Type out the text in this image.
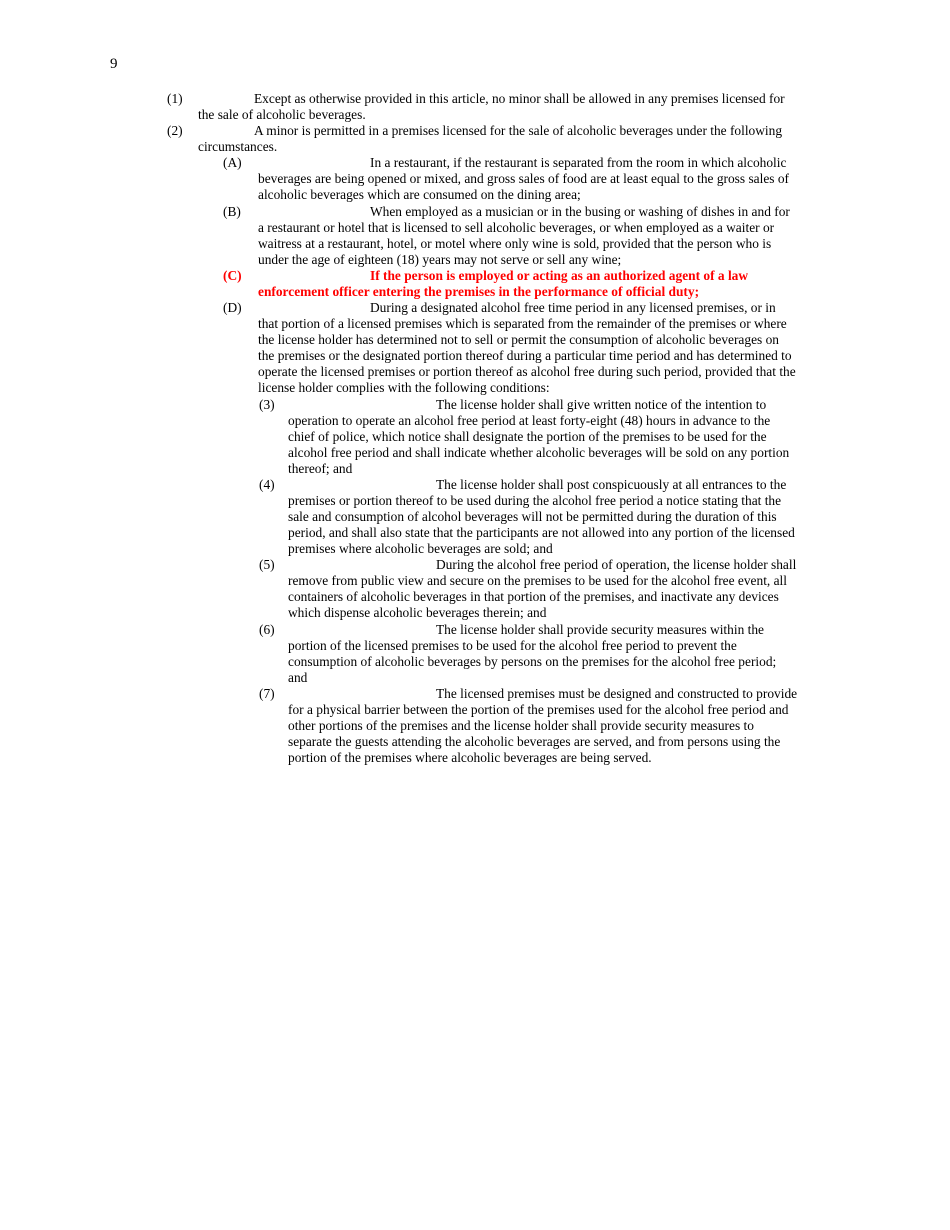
9
(1)	Except as otherwise provided in this article, no minor shall be allowed in any premises licensed for the sale of alcoholic beverages.
(2)	A minor is permitted in a premises licensed for the sale of alcoholic beverages under the following circumstances.
(A)	In a restaurant, if the restaurant is separated from the room in which alcoholic beverages are being opened or mixed, and gross sales of food are at least equal to the gross sales of alcoholic beverages which are consumed on the dining area;
(B)	When employed as a musician or in the busing or washing of dishes in and for a restaurant or hotel that is licensed to sell alcoholic beverages, or when employed as a waiter or waitress at a restaurant, hotel, or motel where only wine is sold, provided that the person who is under the age of eighteen (18) years may not serve or sell any wine;
(C)	If the person is employed or acting as an authorized agent of a law enforcement officer entering the premises in the performance of official duty;
(D)	During a designated alcohol free time period in any licensed premises, or in that portion of a licensed premises which is separated from the remainder of the premises or where the license holder has determined not to sell or permit the consumption of alcoholic beverages on the premises or the designated portion thereof during a particular time period and has determined to operate the licensed premises or portion thereof as alcohol free during such period, provided that the license holder complies with the following conditions:
(3)	The license holder shall give written notice of the intention to operation to operate an alcohol free period at least forty-eight (48) hours in advance to the chief of police, which notice shall designate the portion of the premises to be used for the alcohol free period and shall indicate whether alcoholic beverages will be sold on any portion thereof; and
(4)	The license holder shall post conspicuously at all entrances to the premises or portion thereof to be used during the alcohol free period a notice stating that the sale and consumption of alcohol beverages will not be permitted during the duration of this period, and shall also state that the participants are not allowed into any portion of the licensed premises where alcoholic beverages are sold; and
(5)	During the alcohol free period of operation, the license holder shall remove from public view and secure on the premises to be used for the alcohol free event, all containers of alcoholic beverages in that portion of the premises, and inactivate any devices which dispense alcoholic beverages therein; and
(6)	The license holder shall provide security measures within the portion of the licensed premises to be used for the alcohol free period to prevent the consumption of alcoholic beverages by persons on the premises for the alcohol free period; and
(7)	The licensed premises must be designed and constructed to provide for a physical barrier between the portion of the premises used for the alcohol free period and other portions of the premises and the license holder shall provide security measures to separate the guests attending the alcoholic beverages are served, and from persons using the portion of the premises where alcoholic beverages are being served.
